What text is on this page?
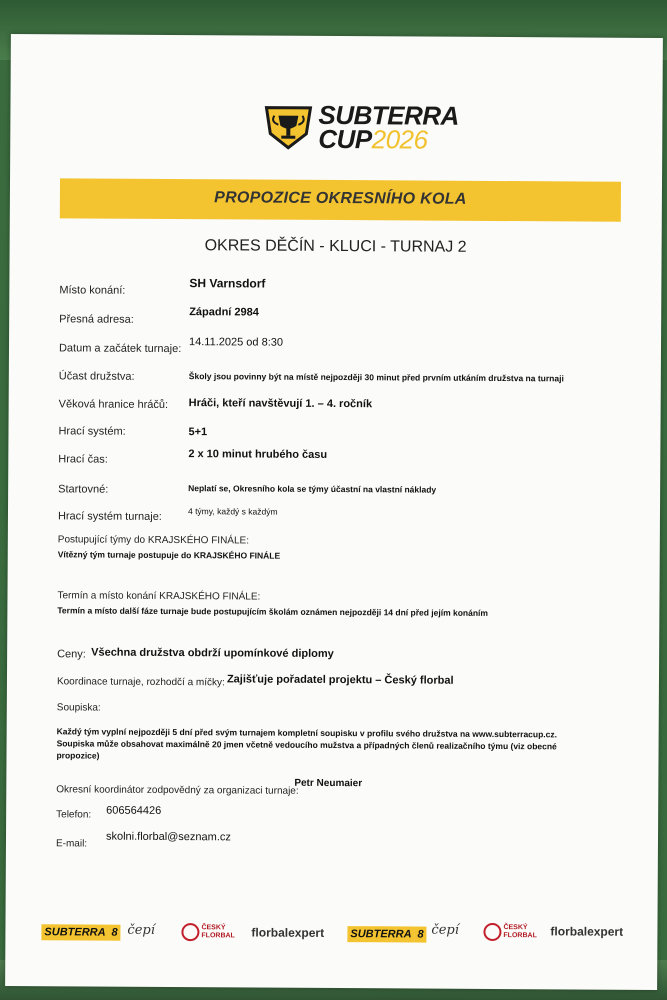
SUBTERRA
CUP2026
PROPOZICE OKRESNÍHO KOLA
OKRES DĚČÍN - KLUCI - TURNAJ 2
Místo konání:	SH Varnsdorf
Přesná adresa:
Západní 2984
Datum a začátek turnaje: 14.11.2025 od 8:30
Účast družstva:	Školy jsou povinny být na místě nejpozději 30 minut před prvním utkáním družstva na turnaji
Věková hranice hráčů: Hráči, kteří navštěvují 1. – 4. ročník
Hrací systém:	5+1
Hrací čas:	2 x 10 minut hrubého času
Startovné:	Neplatí se, Okresního kola se týmy účastní na vlastní náklady
Hrací systém turnaje:	4 týmy, každý s každým
Postupující týmy do KRAJSKÉHO FINÁLE:
Vítězný tým turnaje postupuje do KRAJSKÉHO FINÁLE
Termín a místo konání KRAJSKÉHO FINÁLE:
Termín a místo další fáze turnaje bude postupujícím školám oznámen nejpozději 14 dní před jejím konáním
Ceny: Všechna družstva obdrží upomínkové diplomy
Koordinace turnaje, rozhodčí a míčky: Zajišťuje pořadatel projektu – Český florbal
Soupiska:
Každý tým vyplní nejpozději 5 dní před svým turnajem kompletní soupisku v profilu svého družstva na www.subterracup.cz.
Soupiska může obsahovat maximálně 20 jmen včetně vedoucího mužstva a případných členů realizačního týmu (viz obecné
propozice)
Okresní koordinátor zodpovědný za organizaci turnaje:
Petr Neumaier
Telefon: 606564426
E-mail:
skolni.florbal@seznam.cz
SUBTERRA 8 čepí	ČESKÝ
FLORBAL florbalexpert SUBTERRA 8 čepí	ČESKÝ
FLORBAL florbalexpert
